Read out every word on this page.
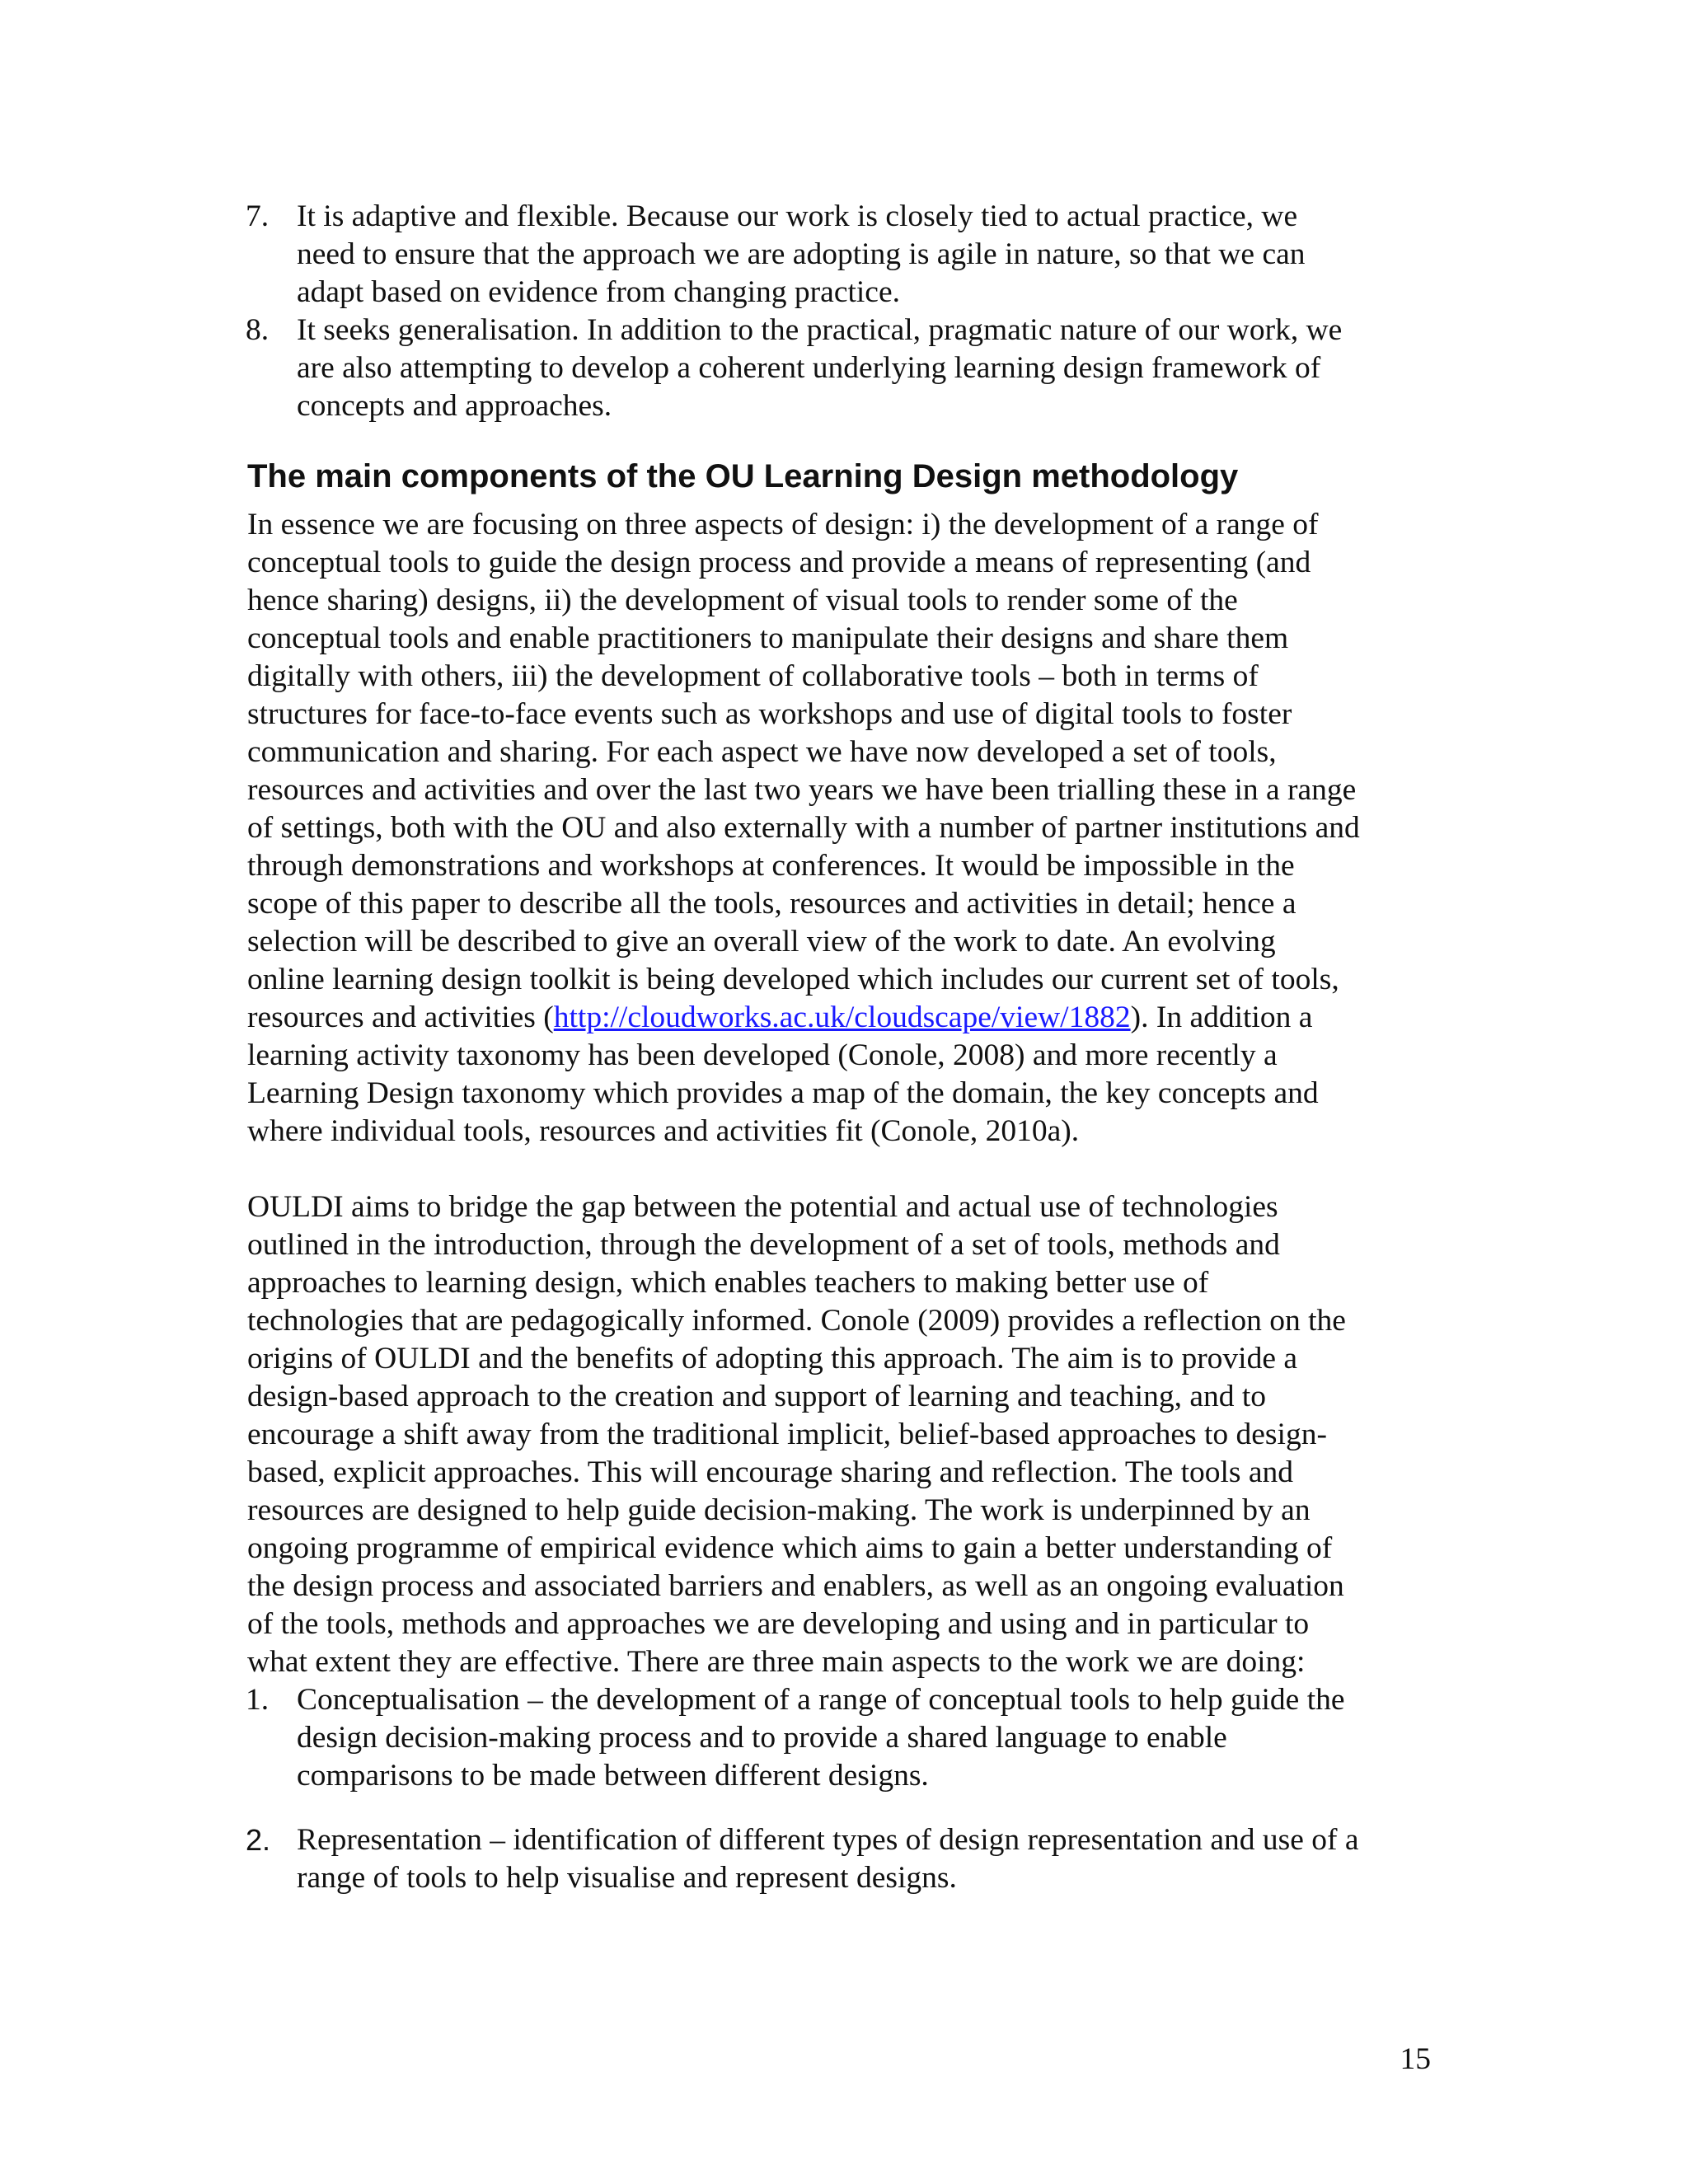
7. It is adaptive and flexible. Because our work is closely tied to actual practice, we
need to ensure that the approach we are adopting is agile in nature, so that we can
adapt based on evidence from changing practice.
8. It seeks generalisation. In addition to the practical, pragmatic nature of our work, we
are also attempting to develop a coherent underlying learning design framework of
concepts and approaches.
The main components of the OU Learning Design methodology
In essence we are focusing on three aspects of design: i) the development of a range of
conceptual tools to guide the design process and provide a means of representing (and
hence sharing) designs, ii) the development of visual tools to render some of the
conceptual tools and enable practitioners to manipulate their designs and share them
digitally with others, iii) the development of collaborative tools – both in terms of
structures for face-to-face events such as workshops and use of digital tools to foster
communication and sharing. For each aspect we have now developed a set of tools,
resources and activities and over the last two years we have been trialling these in a range
of settings, both with the OU and also externally with a number of partner institutions and
through demonstrations and workshops at conferences. It would be impossible in the
scope of this paper to describe all the tools, resources and activities in detail; hence a
selection will be described to give an overall view of the work to date. An evolving
online learning design toolkit is being developed which includes our current set of tools,
resources and activities (http://cloudworks.ac.uk/cloudscape/view/1882). In addition a
learning activity taxonomy has been developed (Conole, 2008) and more recently a
Learning Design taxonomy which provides a map of the domain, the key concepts and
where individual tools, resources and activities fit (Conole, 2010a).
OULDI aims to bridge the gap between the potential and actual use of technologies
outlined in the introduction, through the development of a set of tools, methods and
approaches to learning design, which enables teachers to making better use of
technologies that are pedagogically informed. Conole (2009) provides a reflection on the
origins of OULDI and the benefits of adopting this approach. The aim is to provide a
design-based approach to the creation and support of learning and teaching, and to
encourage a shift away from the traditional implicit, belief-based approaches to design-
based, explicit approaches. This will encourage sharing and reflection. The tools and
resources are designed to help guide decision-making. The work is underpinned by an
ongoing programme of empirical evidence which aims to gain a better understanding of
the design process and associated barriers and enablers, as well as an ongoing evaluation
of the tools, methods and approaches we are developing and using and in particular to
what extent they are effective. There are three main aspects to the work we are doing:
1. Conceptualisation – the development of a range of conceptual tools to help guide the
design decision-making process and to provide a shared language to enable
comparisons to be made between different designs.
2. Representation – identification of different types of design representation and use of a
range of tools to help visualise and represent designs.
15
